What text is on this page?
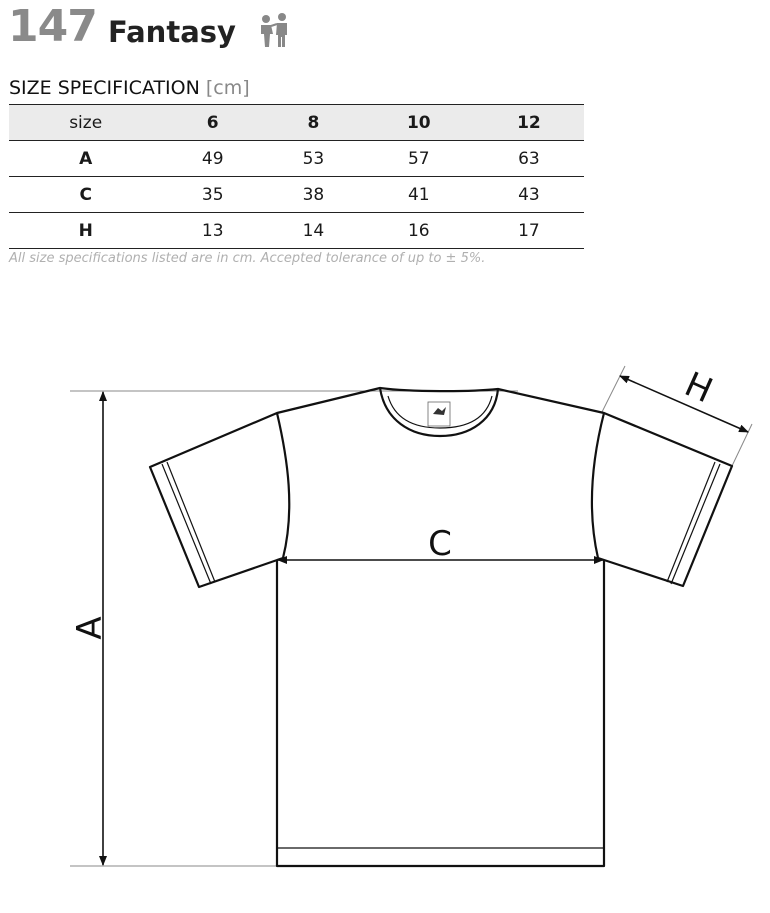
147 Fantasy
SIZE SPECIFICATION [cm]
size	6	8	10	12
A	49	53	57	63
C	35	38	41	43
H	13	14	16	17
All size specifications listed are in cm. Accepted tolerance of up to ± 5%.
A
C
H
